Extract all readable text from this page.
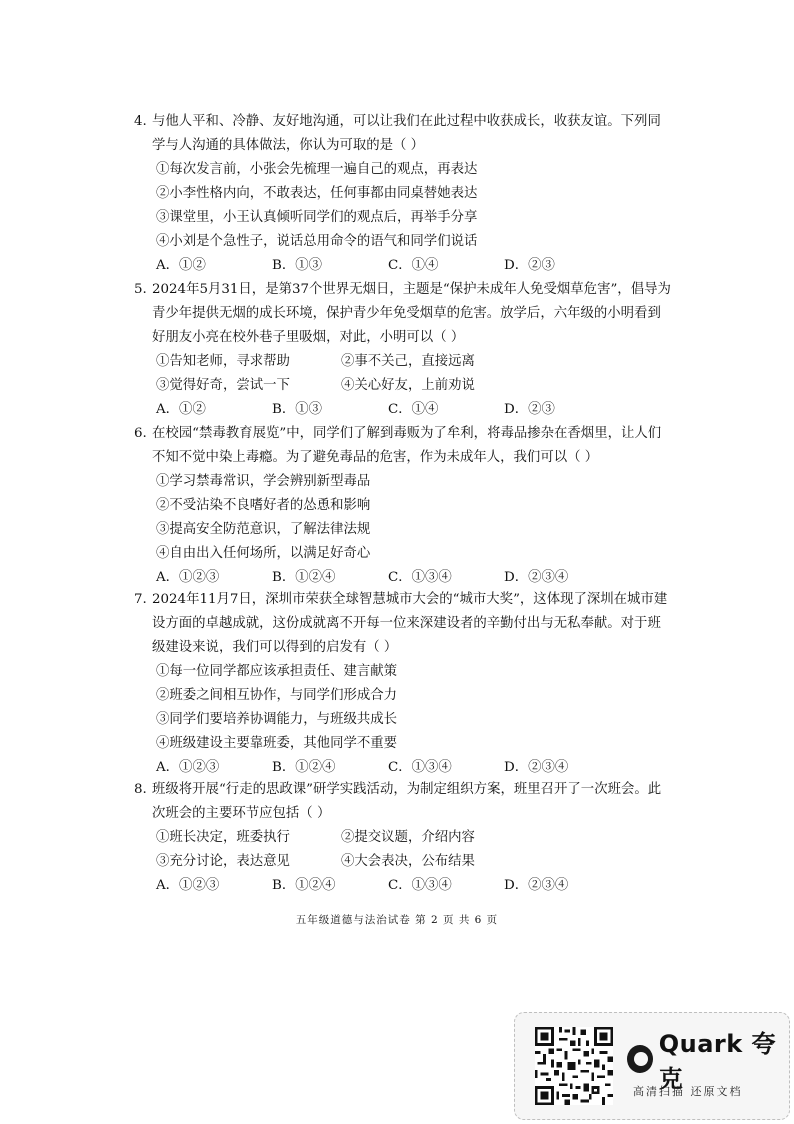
4. 与他人平和、冷静、友好地沟通，可以让我们在此过程中收获成长，收获友谊。下列同学与人沟通的具体做法，你认为可取的是（ ）

①每次发言前，小张会先梳理一遍自己的观点，再表达

②小李性格内向，不敢表达，任何事都由同桌替她表达

③课堂里，小王认真倾听同学们的观点后，再举手分享

④小刘是个急性子，说话总用命令的语气和同学们说话

A．①②	B．①③	C．①④	D．②③

5. 2024年5月31日，是第37个世界无烟日，主题是“保护未成年人免受烟草危害”，倡导为青少年提供无烟的成长环境，保护青少年免受烟草的危害。放学后，六年级的小明看到好朋友小亮在校外巷子里吸烟，对此，小明可以（ ）

①告知老师，寻求帮助	②事不关己，直接远离
③觉得好奇，尝试一下	④关心好友，上前劝说
A．①②	B．①③	C．①④	D．②③

6. 在校园“禁毒教育展览”中，同学们了解到毒贩为了牟利，将毒品掺杂在香烟里，让人们不知不觉中染上毒瘾。为了避免毒品的危害，作为未成年人，我们可以（ ）

①学习禁毒常识，学会辨别新型毒品

②不受沾染不良嗜好者的怂恿和影响

③提高安全防范意识，了解法律法规

④自由出入任何场所，以满足好奇心

A．①②③	B．①②④	C．①③④	D．②③④

7. 2024年11月7日，深圳市荣获全球智慧城市大会的“城市大奖”，这体现了深圳在城市建设方面的卓越成就，这份成就离不开每一位来深建设者的辛勤付出与无私奉献。对于班级建设来说，我们可以得到的启发有（ ）

①每一位同学都应该承担责任、建言献策

②班委之间相互协作，与同学们形成合力

③同学们要培养协调能力，与班级共成长

④班级建设主要靠班委，其他同学不重要

A．①②③	B．①②④	C．①③④	D．②③④

8. 班级将开展“行走的思政课”研学实践活动，为制定组织方案，班里召开了一次班会。此次班会的主要环节应包括（ ）

①班长决定，班委执行	②提交议题，介绍内容
③充分讨论，表达意见	④大会表决，公布结果
A．①②③	B．①②④	C．①③④	D．②③④
五年级道德与法治试卷 第 2 页 共 6 页
Quark 夸克
高清扫描 还原文档
